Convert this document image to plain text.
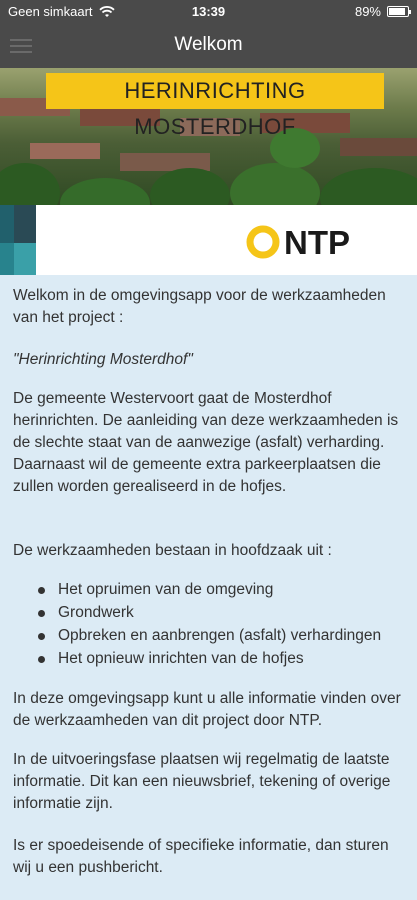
Geen simkaart	13:39	89%
Welkom
HERINRICHTING MOSTERDHOF
NTP

Welkom in de omgevingsapp voor de werkzaamheden van het project :

"Herinrichting Mosterdhof"

De gemeente Westervoort gaat de Mosterdhof herinrichten. De aanleiding van deze werkzaamheden is de slechte staat van de aanwezige (asfalt) verharding. Daarnaast wil de gemeente extra parkeerplaatsen die zullen worden gerealiseerd in de hofjes.

De werkzaamheden bestaan in hoofdzaak uit :

Het opruimen van de omgeving
Grondwerk
Opbreken en aanbrengen (asfalt) verhardingen
Het opnieuw inrichten van de hofjes

In deze omgevingsapp kunt u alle informatie vinden over de werkzaamheden van dit project door NTP.

In de uitvoeringsfase plaatsen wij regelmatig de laatste informatie. Dit kan een nieuwsbrief, tekening of overige informatie zijn.

Is er spoedeisende of specifieke informatie, dan sturen wij u een pushbericht.
